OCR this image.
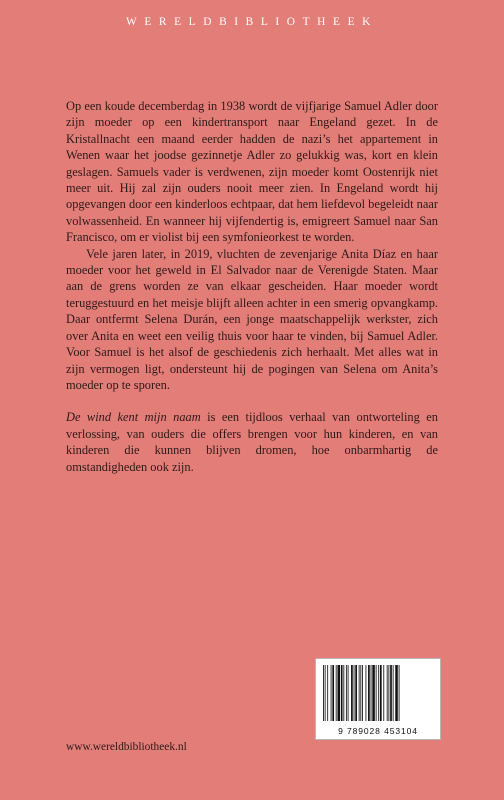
WERELDBIBLIOTHEEK

Op een koude decemberdag in 1938 wordt de vijfjarige Samuel Adler door zijn moeder op een kindertransport naar Engeland gezet. In de Kristallnacht een maand eerder hadden de nazi’s het appartement in Wenen waar het joodse gezinnetje Adler zo gelukkig was, kort en klein geslagen. Samuels vader is verdwenen, zijn moeder komt Oostenrijk niet meer uit. Hij zal zijn ouders nooit meer zien. In Engeland wordt hij opgevangen door een kinderloos echtpaar, dat hem liefdevol begeleidt naar volwassenheid. En wanneer hij vijfendertig is, emigreert Samuel naar San Francisco, om er violist bij een symfonieorkest te worden.

Vele jaren later, in 2019, vluchten de zevenjarige Anita Díaz en haar moeder voor het geweld in El Salvador naar de Verenigde Staten. Maar aan de grens worden ze van elkaar gescheiden. Haar moeder wordt teruggestuurd en het meisje blijft alleen achter in een smerig opvangkamp. Daar ontfermt Selena Durán, een jonge maatschappelijk werkster, zich over Anita en weet een veilig thuis voor haar te vinden, bij Samuel Adler. Voor Samuel is het alsof de geschiedenis zich herhaalt. Met alles wat in zijn vermogen ligt, ondersteunt hij de pogingen van Selena om Anita’s moeder op te sporen.

De wind kent mijn naam is een tijdloos verhaal van ontworteling en verlossing, van ouders die offers brengen voor hun kinderen, en van kinderen die kunnen blijven dromen, hoe onbarmhartig de omstandigheden ook zijn.

9 789028 453104
www.wereldbibliotheek.nl
